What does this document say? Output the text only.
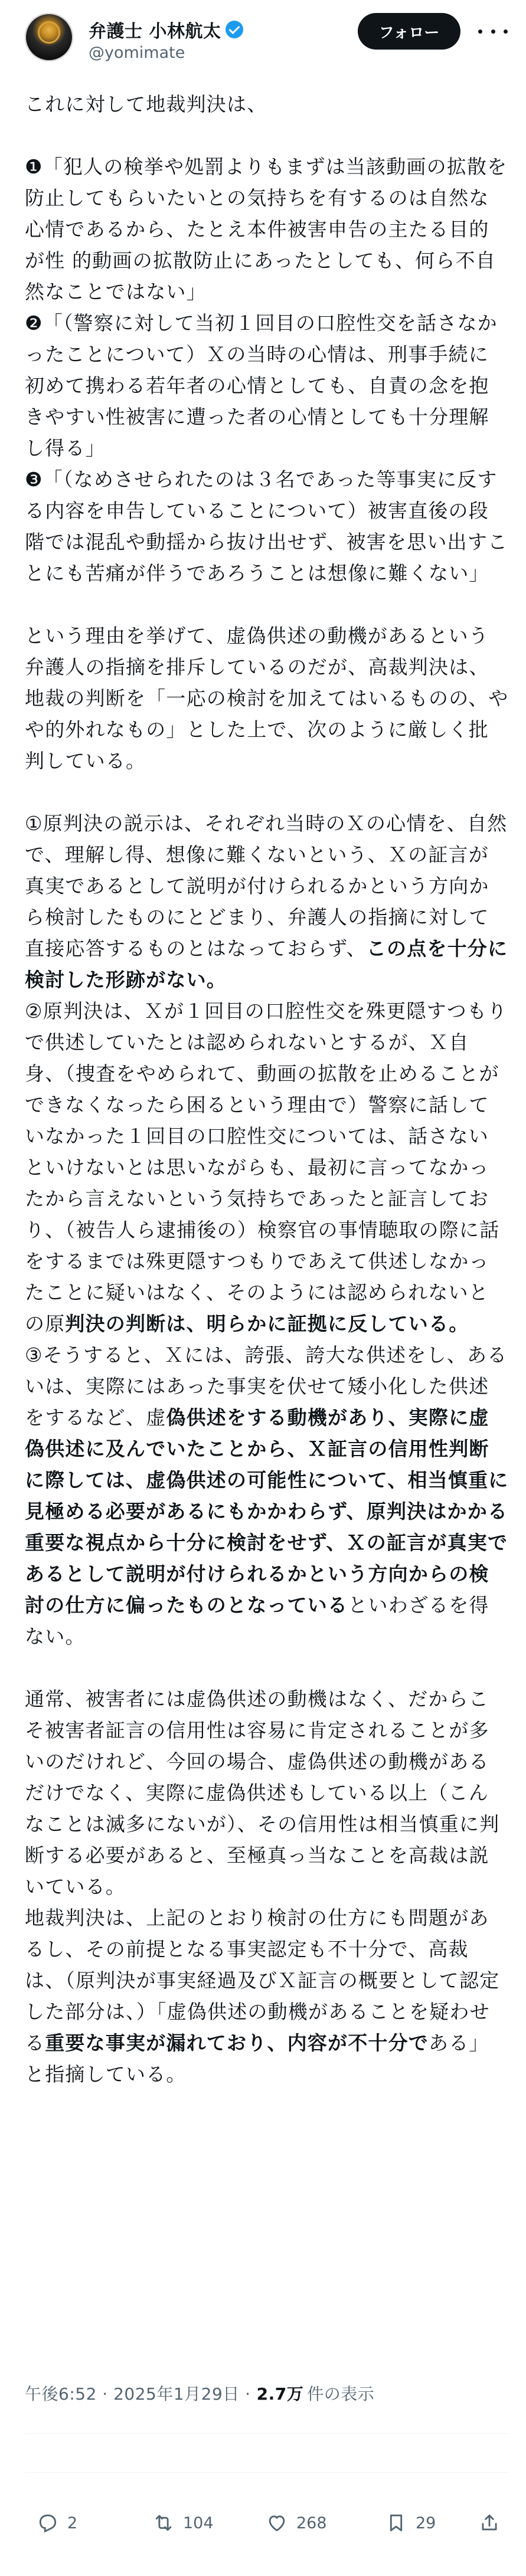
弁護士 小林航太
@yomimate
フォロー

これに対して地裁判決は、

❶「犯人の検挙や処罰よりもまずは当該動画の拡散を防止してもらいたいとの気持ちを有するのは自然な心情であるから、たとえ本件被害申告の主たる目的が性 的動画の拡散防止にあったとしても、何ら不自然なことではない」

❷「（警察に対して当初１回目の口腔性交を話さなかったことについて）Ｘの当時の心情は、刑事手続に初めて携わる若年者の心情としても、自責の念を抱きやすい性被害に遭った者の心情としても十分理解し得る」

❸「（なめさせられたのは３名であった等事実に反する内容を申告していることについて）被害直後の段階では混乱や動揺から抜け出せず、被害を思い出すことにも苦痛が伴うであろうことは想像に難くない」

という理由を挙げて、虚偽供述の動機があるという弁護人の指摘を排斥しているのだが、高裁判決は、地裁の判断を「一応の検討を加えてはいるものの、やや的外れなもの」とした上で、次のように厳しく批判している。

①原判決の説示は、それぞれ当時のＸの心情を、自然で、理解し得、想像に難くないという、Ｘの証言が真実であるとして説明が付けられるかという方向から検討したものにとどまり、弁護人の指摘に対して直接応答するものとはなっておらず、この点を十分に検討した形跡がない。

②原判決は、Ｘが１回目の口腔性交を殊更隠すつもりで供述していたとは認められないとするが、Ｘ自身、（捜査をやめられて、動画の拡散を止めることができなくなったら困るという理由で）警察に話していなかった１回目の口腔性交については、話さないといけないとは思いながらも、最初に言ってなかったから言えないという気持ちであったと証言しており、（被告人ら逮捕後の）検察官の事情聴取の際に話をするまでは殊更隠すつもりであえて供述しなかったことに疑いはなく、そのようには認められないとの原判決の判断は、明らかに証拠に反している。

③そうすると、Ｘには、誇張、誇大な供述をし、あるいは、実際にはあった事実を伏せて矮小化した供述をするなど、虚偽供述をする動機があり、実際に虚偽供述に及んでいたことから、Ｘ証言の信用性判断に際しては、虚偽供述の可能性について、相当慎重に見極める必要があるにもかかわらず、原判決はかかる重要な視点から十分に検討をせず、Ｘの証言が真実であるとして説明が付けられるかという方向からの検討の仕方に偏ったものとなっているといわざるを得ない。

通常、被害者には虚偽供述の動機はなく、だからこそ被害者証言の信用性は容易に肯定されることが多いのだけれど、今回の場合、虚偽供述の動機があるだけでなく、実際に虚偽供述もしている以上（こんなことは滅多にないが）、その信用性は相当慎重に判断する必要があると、至極真っ当なことを高裁は説いている。

地裁判決は、上記のとおり検討の仕方にも問題があるし、その前提となる事実認定も不十分で、高裁は、（原判決が事実経過及びＸ証言の概要として認定した部分は、）「虚偽供述の動機があることを疑わせる重要な事実が漏れており、内容が不十分である」と指摘している。

午後6:52 · 2025年1月29日 · 2.7万 件の表示
2	104	268	29
